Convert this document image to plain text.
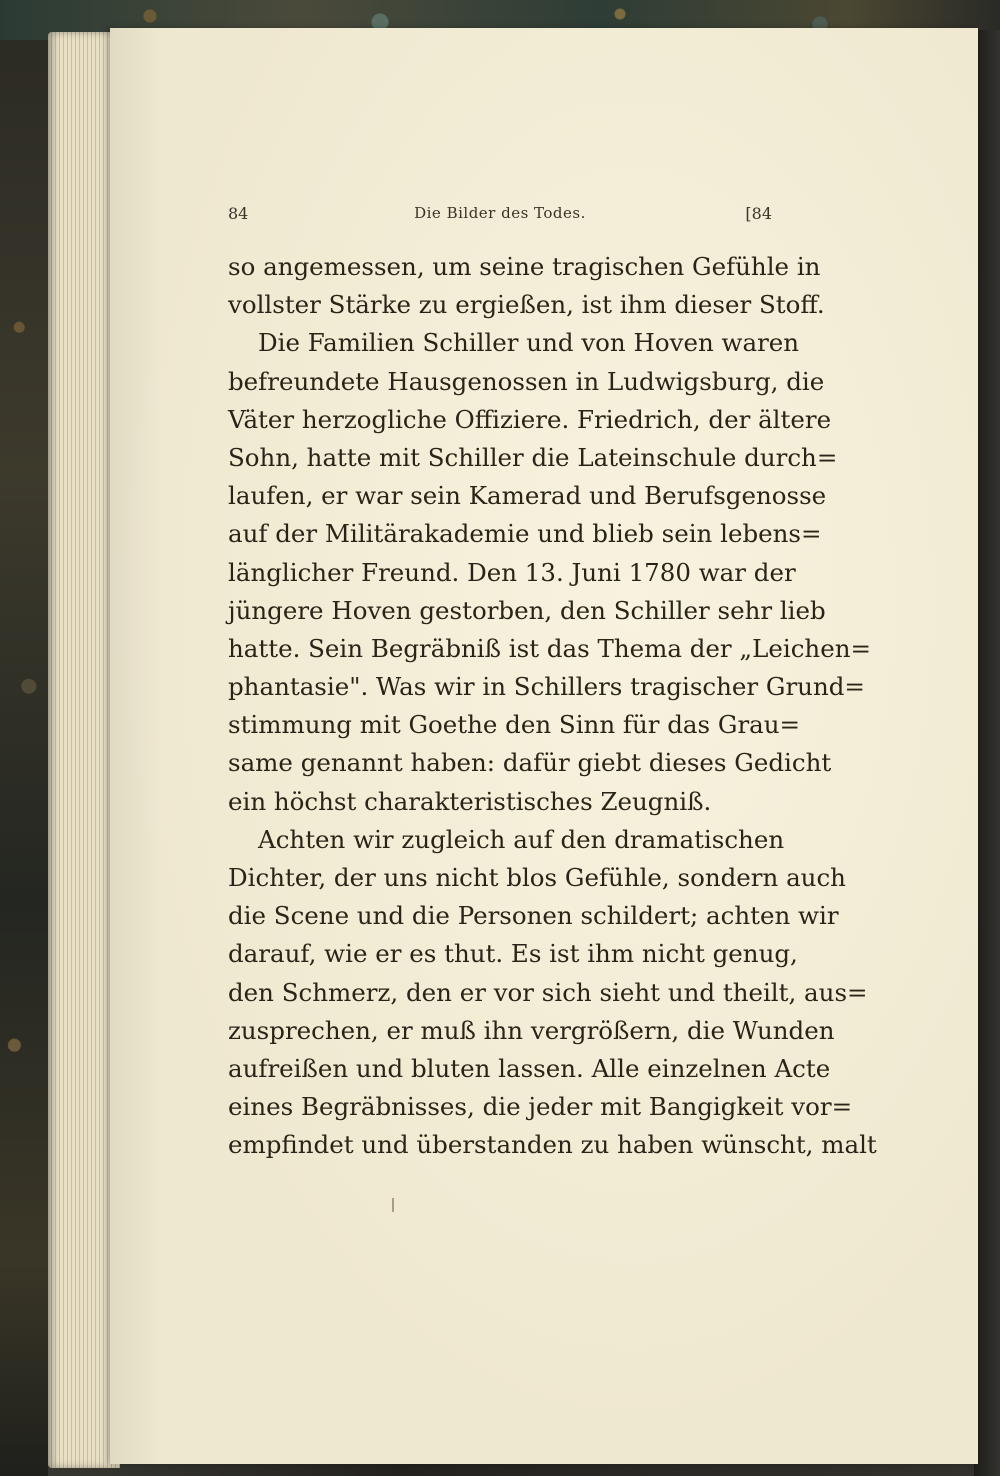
84	Die Bilder des Todes.	[84
so angemessen, um seine tragischen Gefühle in
vollster Stärke zu ergießen, ist ihm dieser Stoff.
Die Familien Schiller und von Hoven waren
befreundete Hausgenossen in Ludwigsburg, die
Väter herzogliche Offiziere. Friedrich, der ältere
Sohn, hatte mit Schiller die Lateinschule durch=
laufen, er war sein Kamerad und Berufsgenosse
auf der Militärakademie und blieb sein lebens=
länglicher Freund. Den 13. Juni 1780 war der
jüngere Hoven gestorben, den Schiller sehr lieb
hatte. Sein Begräbniß ist das Thema der „Leichen=
phantasie". Was wir in Schillers tragischer Grund=
stimmung mit Goethe den Sinn für das Grau=
same genannt haben: dafür giebt dieses Gedicht
ein höchst charakteristisches Zeugniß.
Achten wir zugleich auf den dramatischen
Dichter, der uns nicht blos Gefühle, sondern auch
die Scene und die Personen schildert; achten wir
darauf, wie er es thut. Es ist ihm nicht genug,
den Schmerz, den er vor sich sieht und theilt, aus=
zusprechen, er muß ihn vergrößern, die Wunden
aufreißen und bluten lassen. Alle einzelnen Acte
eines Begräbnisses, die jeder mit Bangigkeit vor=
empfindet und überstanden zu haben wünscht, malt
